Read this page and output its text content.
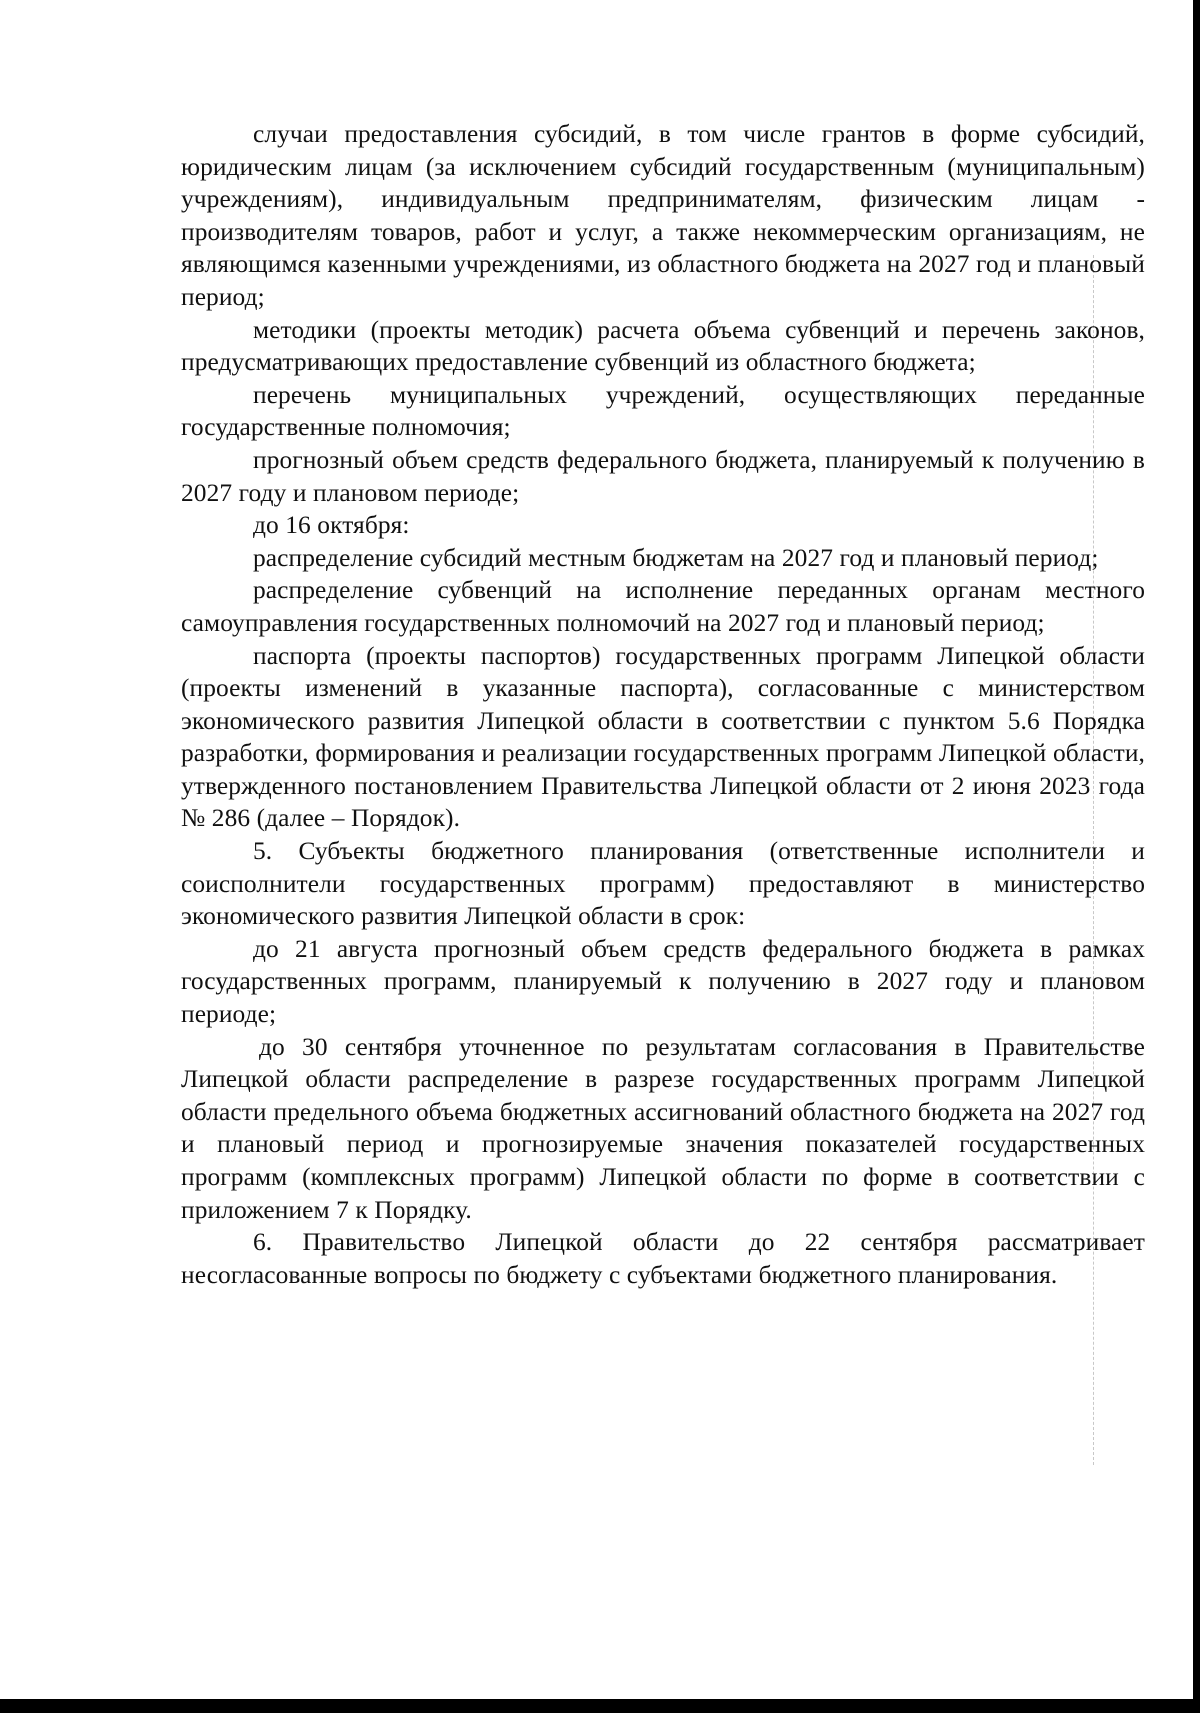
случаи предоставления субсидий, в том числе грантов в форме субсидий, юридическим лицам (за исключением субсидий государственным (муниципальным) учреждениям), индивидуальным предпринимателям, физическим лицам - производителям товаров, работ и услуг, а также некоммерческим организациям, не являющимся казенными учреждениями, из областного бюджета на 2027 год и плановый период;

методики (проекты методик) расчета объема субвенций и перечень законов, предусматривающих предоставление субвенций из областного бюджета;

перечень муниципальных учреждений, осуществляющих переданные государственные полномочия;

прогнозный объем средств федерального бюджета, планируемый к получению в 2027 году и плановом периоде;

до 16 октября:

распределение субсидий местным бюджетам на 2027 год и плановый период;

распределение субвенций на исполнение переданных органам местного самоуправления государственных полномочий на 2027 год и плановый период;

паспорта (проекты паспортов) государственных программ Липецкой области (проекты изменений в указанные паспорта), согласованные с министерством экономического развития Липецкой области в соответствии с пунктом 5.6 Порядка разработки, формирования и реализации государственных программ Липецкой области, утвержденного постановлением Правительства Липецкой области от 2 июня 2023 года № 286 (далее – Порядок).

5. Субъекты бюджетного планирования (ответственные исполнители и соисполнители государственных программ) предоставляют в министерство экономического развития Липецкой области в срок:

до 21 августа прогнозный объем средств федерального бюджета в рамках государственных программ, планируемый к получению в 2027 году и плановом периоде;

до 30 сентября уточненное по результатам согласования в Правительстве Липецкой области распределение в разрезе государственных программ Липецкой области предельного объема бюджетных ассигнований областного бюджета на 2027 год и плановый период и прогнозируемые значения показателей государственных программ (комплексных программ) Липецкой области по форме в соответствии с приложением 7 к Порядку.

6. Правительство Липецкой области до 22 сентября рассматривает несогласованные вопросы по бюджету с субъектами бюджетного планирования.
